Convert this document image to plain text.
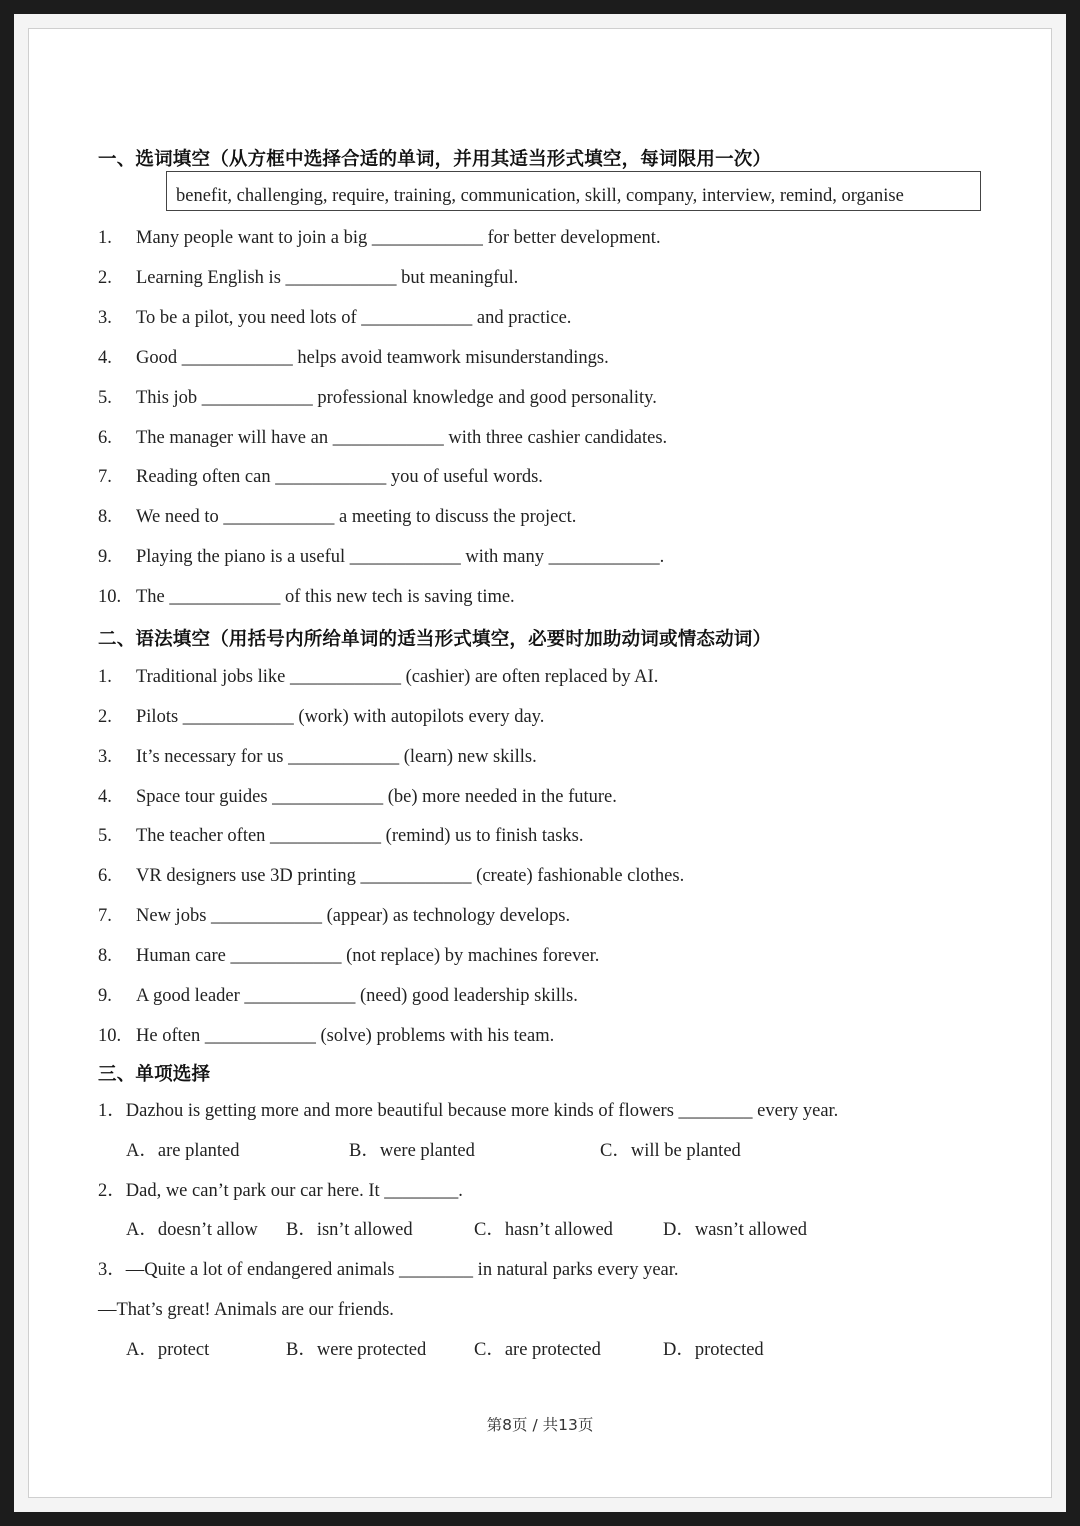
一、选词填空（从方框中选择合适的单词，并用其适当形式填空，每词限用一次）
benefit, challenging, require, training, communication, skill, company, interview, remind, organise
1. Many people want to join a big ____________ for better development.
2. Learning English is ____________ but meaningful.
3. To be a pilot, you need lots of ____________ and practice.
4. Good ____________ helps avoid teamwork misunderstandings.
5. This job ____________ professional knowledge and good personality.
6. The manager will have an ____________ with three cashier candidates.
7. Reading often can ____________ you of useful words.
8. We need to ____________ a meeting to discuss the project.
9. Playing the piano is a useful ____________ with many ____________.
10. The ____________ of this new tech is saving time.
二、语法填空（用括号内所给单词的适当形式填空，必要时加助动词或情态动词）
1. Traditional jobs like ____________ (cashier) are often replaced by AI.
2. Pilots ____________ (work) with autopilots every day.
3. It’s necessary for us ____________ (learn) new skills.
4. Space tour guides ____________ (be) more needed in the future.
5. The teacher often ____________ (remind) us to finish tasks.
6. VR designers use 3D printing ____________ (create) fashionable clothes.
7. New jobs ____________ (appear) as technology develops.
8. Human care ____________ (not replace) by machines forever.
9. A good leader ____________ (need) good leadership skills.
10. He often ____________ (solve) problems with his team.
三、单项选择
1．Dazhou is getting more and more beautiful because more kinds of flowers ________ every year.
A．are planted	B．were planted	C．will be planted
2．Dad, we can’t park our car here. It ________.
A．doesn’t allow B．isn’t allowed	C．hasn’t allowed	D．wasn’t allowed
3．—Quite a lot of endangered animals ________ in natural parks every year.
—That’s great! Animals are our friends.
A．protect	B．were protected	C．are protected	D．protected
第8页 / 共13页
